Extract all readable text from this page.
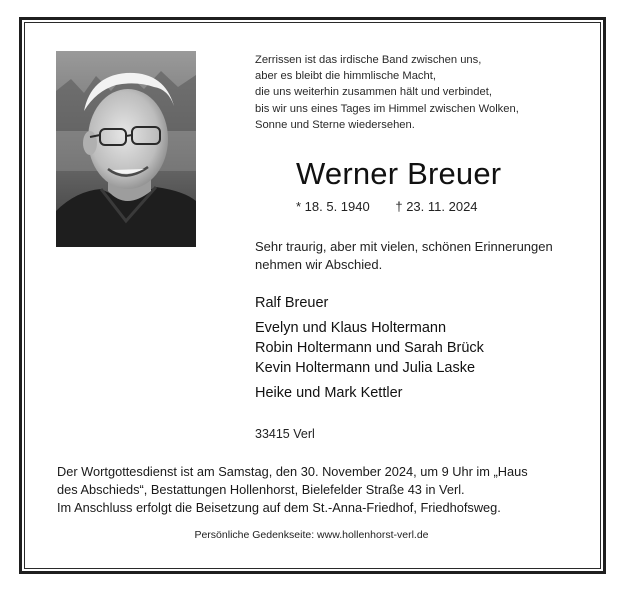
Zerrissen ist das irdische Band zwischen uns,
aber es bleibt die himmlische Macht,
die uns weiterhin zusammen hält und verbindet,
bis wir uns eines Tages im Himmel zwischen Wolken,
Sonne und Sterne wiedersehen.
Werner Breuer
* 18. 5. 1940 † 23. 11. 2024
Sehr traurig, aber mit vielen, schönen Erinnerungen
nehmen wir Abschied.
Ralf Breuer
Evelyn und Klaus Holtermann
Robin Holtermann und Sarah Brück
Kevin Holtermann und Julia Laske
Heike und Mark Kettler
33415 Verl
Der Wortgottesdienst ist am Samstag, den 30. November 2024, um 9 Uhr im „Haus
des Abschieds“, Bestattungen Hollenhorst, Bielefelder Straße 43 in Verl.
Im Anschluss erfolgt die Beisetzung auf dem St.-Anna-Friedhof, Friedhofsweg.
Persönliche Gedenkseite: www.hollenhorst-verl.de
